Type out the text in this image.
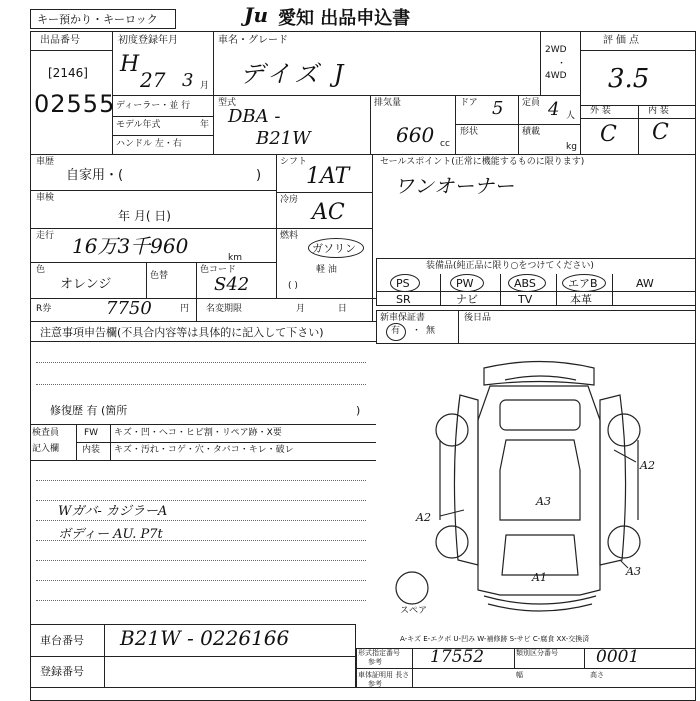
キー預かり・キーロック	Ju 愛知 出品申込書
出品番号
[2146]
02555
初度登録年月
H
27 3 月
車名・グレード
デイズ J
2WD
・
4WD
評価点
3.5
外 装	内 装
C C
ディーラー・並 行
モデル年式	年
ハンドル 左・右
型式
DBA -
B21W
排気量
660 cc
ドア 5 定員 4 人
形状	積載
kg
車歴
自家用・(	)
車検
年 月( 日)
走行 16万3千960	km
色
オレンジ
色替
色コード
S42
シフト
1AT
冷房 AC
燃料
ガソリン
軽 油
( )
セールスポイント(正常に機能するものに限ります)
ワンオーナー
装備品(純正品に限り○をつけてください)
PS	PW	ABS	エアB	AW
SR	ナビ	TV	本革
R券	7750	円 名変期限	月 日
新車保証書
有 ・ 無
後日品
注意事項申告欄(不具合内容等は具体的に記入して下さい)
修復歴 有 (箇所	)
検査員
記入欄
FW キズ・凹・ヘコ・ヒビ割・リペア跡・X要
内装 キズ・汚れ・コゲ・穴・タバコ・キレ・破レ
Wガバ- カジラーA
ボディー AU. P7t
A2
A3
A2
A1	A3
スペア
A-キズ E-エクボ U-凹み W-補修跡 S-サビ C-腐食 XX-交換済
車台番号 B21W - 0226166
登録番号
形式指定番号
参考	17552	類別区分番号 0001
車体証明用 長さ
参考
幅	高さ
